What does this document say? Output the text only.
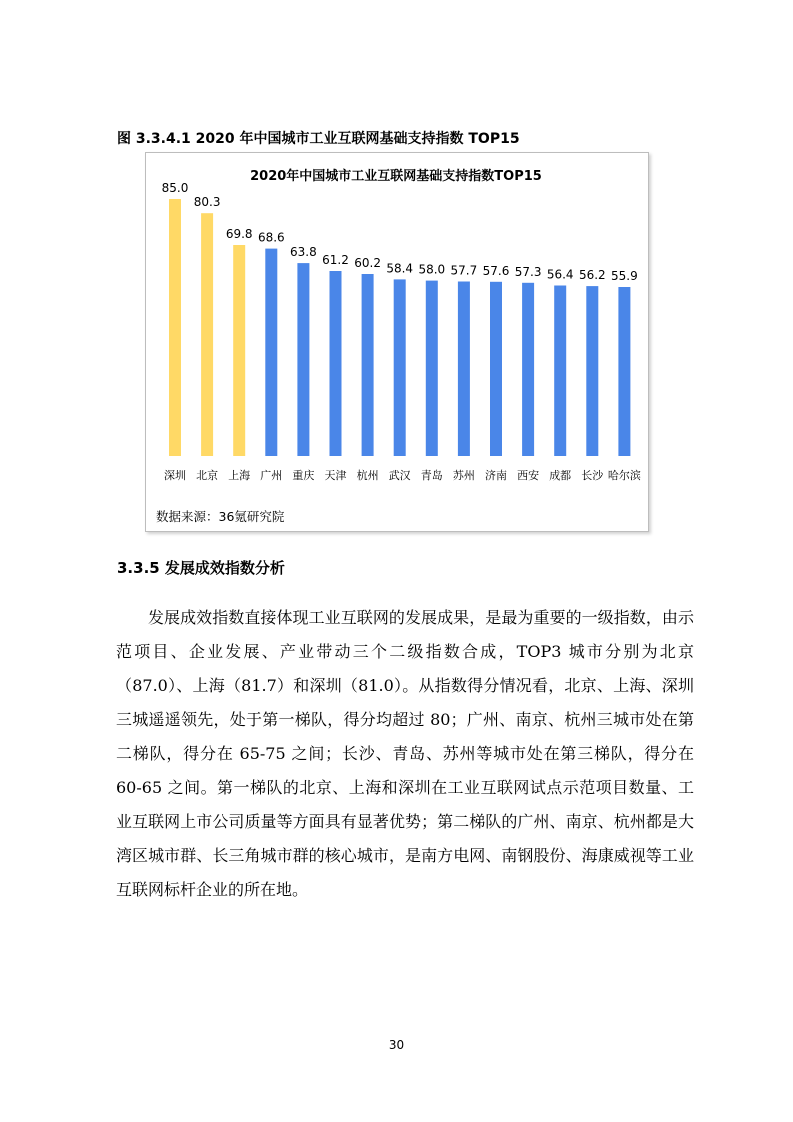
图 3.3.4.1 2020 年中国城市工业互联网基础支持指数 TOP15
2020年中国城市工业互联网基础支持指数TOP15
85.0
深圳
80.3
北京
69.8
上海
68.6
广州
63.8
重庆
61.2
天津
60.2
杭州
58.4
武汉
58.0
青岛
57.7
苏州
57.6
济南
57.3
西安
56.4
成都
56.2
长沙
55.9
哈尔滨
数据来源：36氪研究院
3.3.5 发展成效指数分析

发展成效指数直接体现工业互联网的发展成果，是最为重要的一级指数，由示范项目、企业发展、产业带动三个二级指数合成，TOP3 城市分别为北京（87.0）、上海（81.7）和深圳（81.0）。从指数得分情况看，北京、上海、深圳三城遥遥领先，处于第一梯队，得分均超过 80；广州、南京、杭州三城市处在第二梯队，得分在 65-75 之间；长沙、青岛、苏州等城市处在第三梯队，得分在 60-65 之间。第一梯队的北京、上海和深圳在工业互联网试点示范项目数量、工业互联网上市公司质量等方面具有显著优势；第二梯队的广州、南京、杭州都是大湾区城市群、长三角城市群的核心城市，是南方电网、南钢股份、海康威视等工业互联网标杆企业的所在地。

30
